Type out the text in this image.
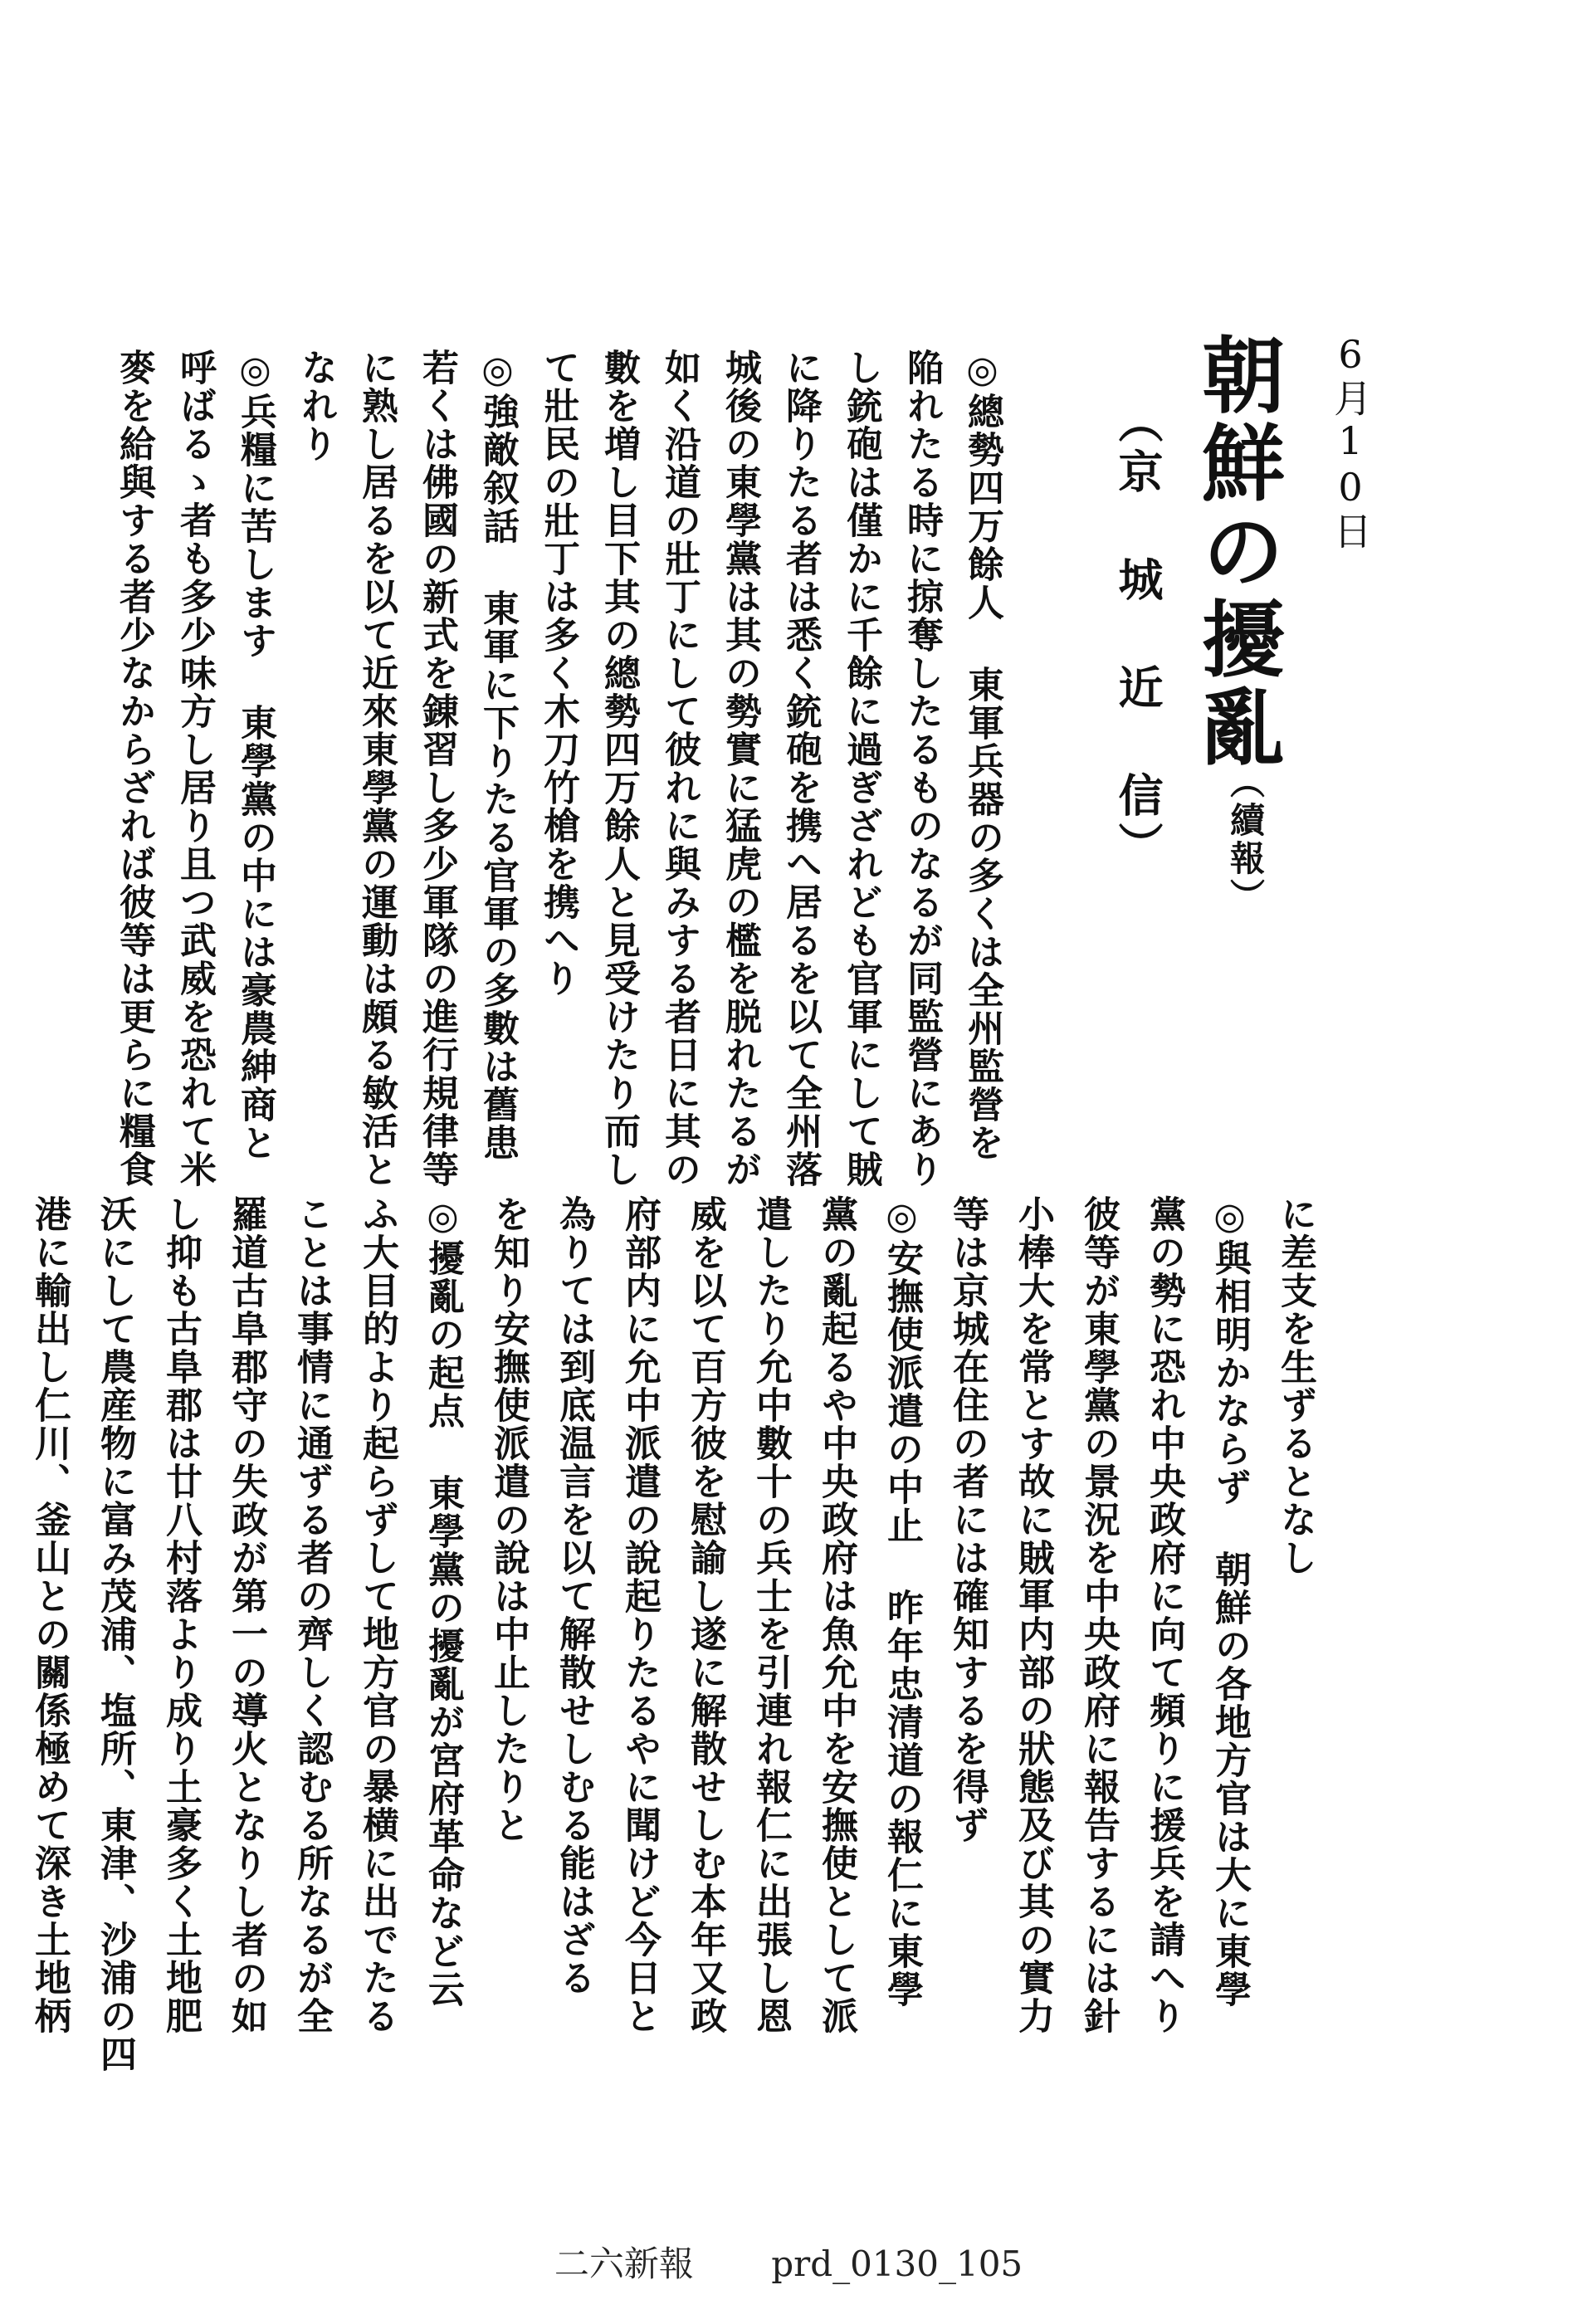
6月10日
朝鮮の擾亂
（京 城 近 信） （續報）
◎總勢四万餘人 東軍兵器の多くは全州監營を
陥れたる時に掠奪したるものなるが同監營にあり
し銃砲は僅かに千餘に過ぎざれども官軍にして賊
に降りたる者は悉く銃砲を携へ居るを以て全州落
城後の東學黨は其の勢實に猛虎の檻を脱れたるが
如く沿道の壯丁にして彼れに與みする者日に其の
數を増し目下其の總勢四万餘人と見受けたり而し
て壯民の壯丁は多く木刀竹槍を携へり
◎強敵叙話 東軍に下りたる官軍の多數は舊患
若くは佛國の新式を錬習し多少軍隊の進行規律等
に熟し居るを以て近來東學黨の運動は頗る敏活と
なれり
◎兵糧に苦します 東學黨の中には豪農紳商と
呼ばるゝ者も多少味方し居り且つ武威を恐れて米
麥を給與する者少なからざれば彼等は更らに糧食
に差支を生ずるとなし
◎與相明かならず 朝鮮の各地方官は大に東學
黨の勢に恐れ中央政府に向て頻りに援兵を請へり
彼等が東學黨の景況を中央政府に報告するには針
小棒大を常とす故に賊軍内部の狀態及び其の實力
等は京城在住の者には確知するを得ず
◎安撫使派遣の中止 昨年忠清道の報仁に東學
黨の亂起るや中央政府は魚允中を安撫使として派
遣したり允中數十の兵士を引連れ報仁に出張し恩
威を以て百方彼を慰諭し遂に解散せしむ本年又政
府部内に允中派遣の說起りたるやに聞けど今日と
為りては到底温言を以て解散せしむる能はざる
を知り安撫使派遣の說は中止したりと
◎擾亂の起点 東學黨の擾亂が宮府革命など云
ふ大目的より起らずして地方官の暴横に出でたる
ことは事情に通ずる者の齊しく認むる所なるが全
羅道古阜郡守の失政が第一の導火となりし者の如
し抑も古阜郡は廿八村落より成り土豪多く土地肥
沃にして農産物に富み茂浦、塩所、東津、沙浦の四
港に輸出し仁川、釜山との關係極めて深き土地柄
二六新報 prd_0130_105
